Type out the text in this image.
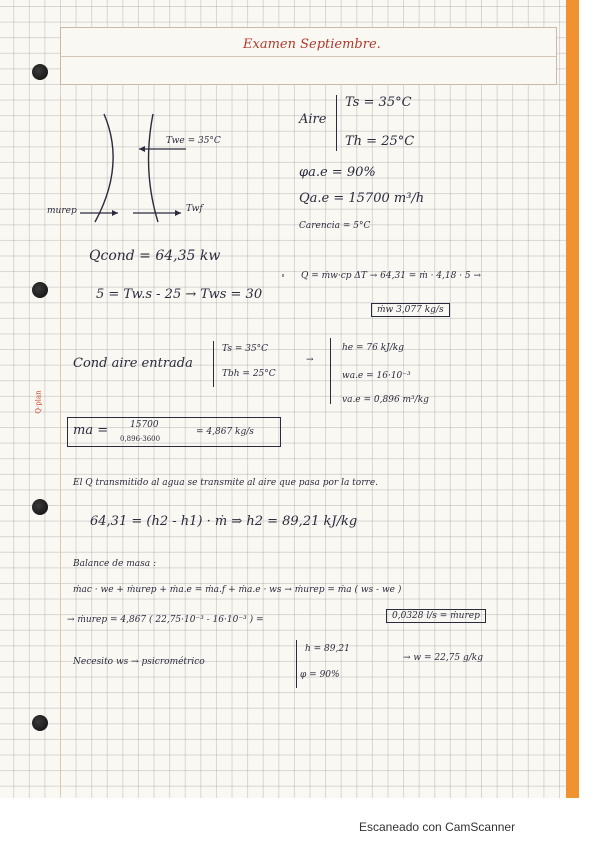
Q·plan
Examen Septiembre.
Twe = 35°C
Twf
murep
Aire
Ts = 35°C
Th = 25°C
φa.e = 90%
Qa.e = 15700 m³/h
Carencia = 5°C
Qcond = 64,35 kw
5 = Tw.s - 25 → Tws = 30
Q = ṁw·cp ΔT → 64,31 = ṁ · 4,18 · 5 →
ṁw 3,077 kg/s
Cond aire entrada
Ts = 35°C
Tbh = 25°C
→
he = 76 kJ/kg
wa.e = 16·10⁻³
va.e = 0,896 m³/kg
ma = 15700
0,896·3600
= 4,867 kg/s
El Q transmitido al agua se transmite al aire que pasa por la torre.
64,31 = (h2 - h1) · ṁ ⇒ h2 = 89,21 kJ/kg
Balance de masa :
ṁac · we + ṁurep + ṁa.e = ṁa.f + ṁa.e · ws → ṁurep = ṁa ( ws - we )
→ ṁurep = 4,867 ( 22,75·10⁻³ - 16·10⁻³ ) =	0,0328 l/s = ṁurep
Necesito ws → psicrométrico
h = 89,21
φ = 90%
→ w = 22,75 g/kg
Escaneado con CamScanner
